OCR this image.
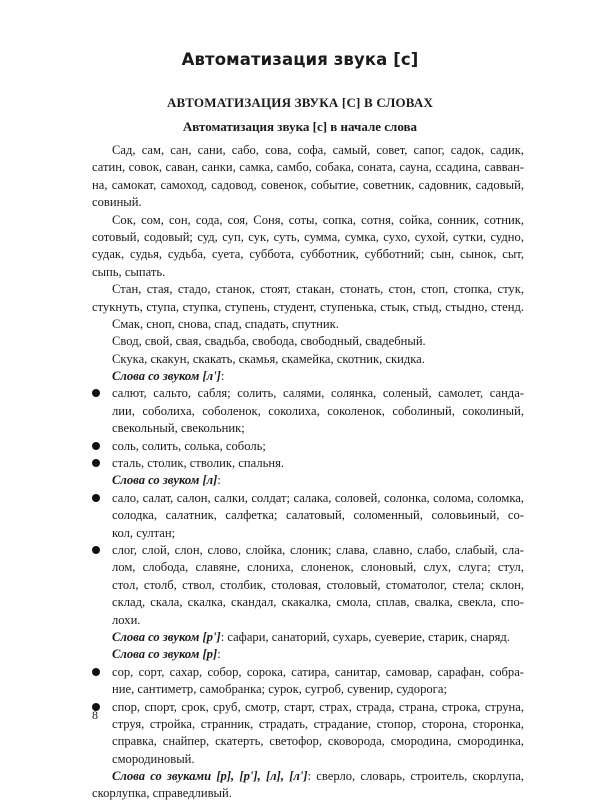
Автоматизация звука [с]
АВТОМАТИЗАЦИЯ ЗВУКА [С] В СЛОВАХ
Автоматизация звука [с] в начале слова
Сад, сам, сан, сани, сабо, сова, софа, самый, совет, сапог, садок, садик,
сатин, совок, саван, санки, самка, самбо, собака, соната, сауна, ссадина, савван-
на, самокат, самоход, садовод, совенок, событие, советник, садовник, садовый,
совиный.
Сок, сом, сон, сода, соя, Соня, соты, сопка, сотня, сойка, сонник, сотник,
сотовый, содовый; суд, суп, сук, суть, сумма, сумка, сухо, сухой, сутки, судно,
судак, судья, судьба, суета, суббота, субботник, субботний; сын, сынок, сыт,
сыпь, сыпать.
Стан, стая, стадо, станок, стоят, стакан, стонать, стон, стоп, стопка, стук,
стукнуть, ступа, ступка, ступень, студент, ступенька, стык, стыд, стыдно, стенд.
Смак, сноп, снова, спад, спадать, спутник.
Свод, свой, свая, свадьба, свобода, свободный, свадебный.
Скука, скакун, скакать, скамья, скамейка, скотник, скидка.
Слова со звуком [л']:
салют, сальто, сабля; солить, салями, солянка, соленый, самолет, санда-
лии, соболиха, соболенок, соколиха, соколенок, соболиный, соколиный,
свекольный, свекольник;
соль, солить, солька, соболь;
сталь, столик, стволик, спальня.
Слова со звуком [л]:
сало, салат, салон, салки, солдат; салака, соловей, солонка, солома, соломка,
солодка, салатник, салфетка; салатовый, соломенный, соловьиный, со-
кол, султан;
слог, слой, слон, слово, слойка, слоник; слава, славно, слабо, слабый, сла-
лом, слобода, славяне, слониха, слоненок, слоновый, слух, слуга; стул,
стол, столб, ствол, столбик, столовая, столовый, стоматолог, стела; склон,
склад, скала, скалка, скандал, скакалка, смола, сплав, свалка, свекла, спо-
лохи.
Слова со звуком [р']: сафари, санаторий, сухарь, суеверие, старик, снаряд.
Слова со звуком [р]:
сор, сорт, сахар, собор, сорока, сатира, санитар, самовар, сарафан, собра-
ние, сантиметр, самобранка; сурок, сугроб, сувенир, судорога;
спор, спорт, срок, сруб, смотр, старт, страх, страда, страна, строка, струна,
струя, стройка, странник, страдать, страдание, стопор, сторона, сторонка,
справка, снайпер, скатерть, светофор, сковорода, смородина, смородинка,
смородиновый.
Слова со звуками [р], [р'], [л], [л']: сверло, словарь, строитель, скорлупа,
скорлупка, справедливый.
8
